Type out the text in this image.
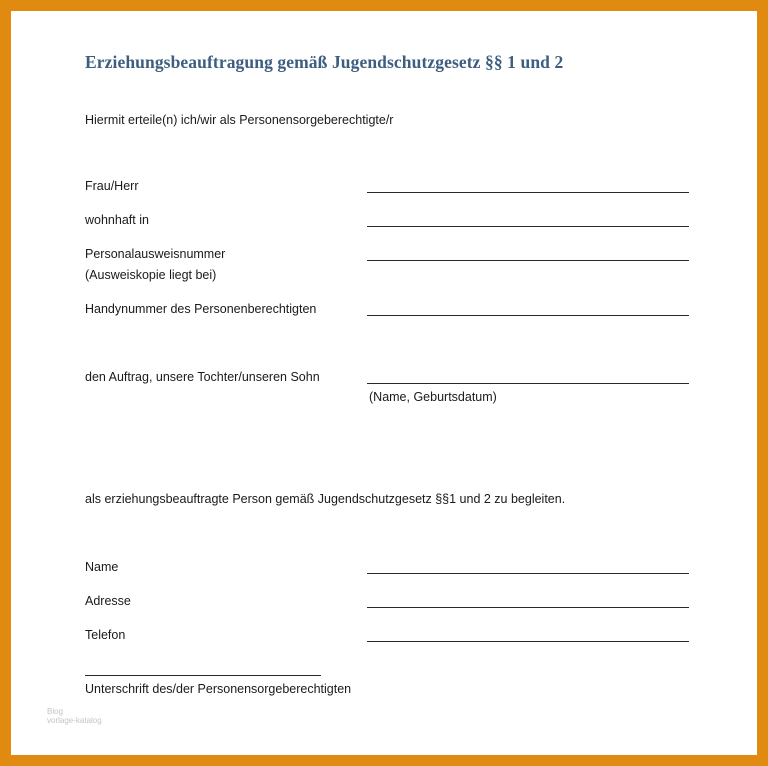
Erziehungsbeauftragung gemäß Jugendschutzgesetz §§ 1 und 2
Hiermit erteile(n) ich/wir als Personensorgeberechtigte/r
Frau/Herr
wohnhaft in
Personalausweisnummer
(Ausweiskopie liegt bei)
Handynummer des Personenberechtigten
den Auftrag, unsere Tochter/unseren Sohn
(Name, Geburtsdatum)
als erziehungsbeauftragte Person gemäß Jugendschutzgesetz §§1 und 2 zu begleiten.
Name
Adresse
Telefon
Unterschrift des/der Personensorgeberechtigten
Blog
vorlage-katalog
